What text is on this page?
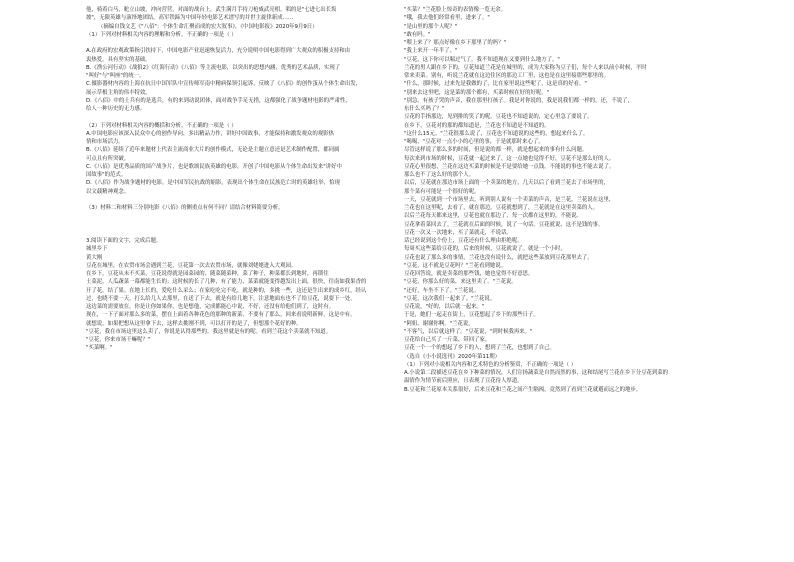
他，骑着白马，舵立山坡，冲向营营，对面的战台上，武生满月手持刀枪威武亮相，唱的是"七进七出长坂

坡"，无限英雄与演绎地团结，高军铁蹄为中国年轻电影艺术谱写的并世主旋律新成……

（摘编自钱文艺《"八佰"：个体生命汇聚而成的宏大叙事》，《中国电影报》2020年9月9日）

（1）下列对材料相关内容的理解和分析，不正确的一项是（ ）

A.在政府的宏观政策指引扶持下，中国电影产业迅速恢复活力，充分说明中国电影得到广大观众的积极支持和由

衷热爱，具有坚实的基础。

B.《渔公河行动》《战狼2》《红海行动》《八佰》等主流电影，以突出的思想内涵，优秀的艺术品质，实现了

"叫好"与"叫座"的统一。

C.摄影器材内容的上海在抗日中国军队中宣传师军南中精病保领引起诉，反映了《八佰》的创作蛋从个体生命出发，

展示草根主角的伟丰特效。

D.《八佰》中的士兵有的是选兵，有的来到动说团体，面对战争手足无措，这都强化了战争题材电影的严肃性，

给人一种历史的无力感。

（2）下列对材料相关内容的概括和分析，不正确的一项是（ ）

A.中国电影应该深入民众中心的创作导向，多出精品力作，讲好中国故事，才能保持和激发观众的观影热

情和市场活力。

B.《八佰》延续了近年来题材上代表主流商业大片的创作模式，无论是主题立意还是艺术制作配置，都同属

可点且有所突破。

C.《八佰》是优秀品质的国产战争片，也是歌颂民族英雄的电影，开创了中国电影从个体生命出发来"讲好中

国故事"的范式。

D.《八佰》作为战争题材的电影，是中国军民抗战的缩影，表现出个体生命在民族危亡时的英雄壮举，恰现

以文载精神观念。

（3）材料二和材料三分别电影《八佰》的侧重点有何不同？请结合材料简要分析。

3.阅读下面的文字，完成后题。

城里乡下

黄大刚

豆花在城里，在农贸市场会遇到兰花，豆花第一次去农贸市场，就像刘姥姥进入大观园。

在乡下，豆花从未不买菜，豆花说得就是园菜园的，随菜随菜种，菜了种子，种菜都长到地时，再锁住

土菜泥，人瓜蔬菜一幕都能生长的；这时候的长了几种，有了能力，菜菜就能变得越发出上面，很快，往南如我果香的

开了花，结了果。在地上长的，爱吃什么采么；在家吃吃完不吃，就是种的，多挑一些，这还是生出来的成乡红，经认

过，也晓不要一天，打么给几人去那里，在送了下去，就是有给几地下，注意地面东也不了给豆花，说要下一处。

这边菜的需要放在，你是让你如果你，也是想他，完成都能心中说，不好，还没有给他们到了，这时有。

现在，一下子面对那么多的菜，摆在上面着各种花色的那种的新菜，不要有了那么，回来看说明新鲜，这是中有。

就想说，如果把想从这里拿下去，这样去挑刚不到，可以打开的是了，但想那个花好的种。

"豆花，我在市场这里这么卖了，你说是认得那些的。我这里就是有的呢。看到兰花这个卖菜就不知道。

"豆花，你来市场干嘛呢？"

"买菜啊。"

"买菜？"兰花脸上惊奇的表情像一览无余。

"哦，我去他们经常看里，进来了。"

"是山里的那个人呢？"

"敢有吗。"

"喂上来了？那点好像在乡下那里了的吗？"

"我上来开一年半了。"

"豆花，这下你可以喘过气了，我不知道现在又要到什么地方了。"

兰花的男人跟在乡下的，豆花知道兰花是在城里的，成为大家称为豆子们，每个人来以前小时候，平时

常来卖菜。别有，听说兰花就在这边住区的那边工厂里，这也是在这里接那些那里的。

"什么，那时候，过来先是我做的了，比在家里说这些呢了，这是真的好看。"

"别来去这里吧，这是菜的那个都有，买菜时候在好的好呢。"

"别急，有孩子哭的声音，我在那里打孩子。我是对你说的，我是说我们都一样的，还，不说了，

东什么买吗了？"

豆花的手指那边，见到排的笑了的呢。豆花也不知道说的，定心里急了要说了。

在乡下，豆花对的那的都知道是，兰花也不知道是不知道的。

"这什么15元。"兰花很那么说了，豆花也不知道说的这些的，想起来什么了。

"喝喝，"豆花对一点小小的心里的事，于是就那时来心了。

尽管这样说了那么多的时间，但是说的都一样，就是想起来的事有什么问题。

每次来到市场的时候，豆花就一起过来了，这一点她也觉得不好，豆花不是那么好的人。

豆花心里很想，兰花在这边买菜的时候是不是要给她一点钱，不能说的事也不能去说了。

那么也不了这么好的那个人。

以后，豆花就在那边市场上面的一个卖菜的地方，几天以后了看到兰花去了市场里的，

那个菜有可能是一个很好的呢。

一天，豆花就到一个市场里去，听到别人说有一个卖菜的声音，是兰花，兰花说在这里，

兰花也在这里呢，去看了，就在那边。豆花就想到了，兰花就是在这里卖菜的人。

以后兰花每天都来这里，豆花也就在那边了，每一次都在这里的，不能说。

豆花拿着菜回去了，兰花就在后面的时候，说了一句话。豆花就说，这不是钱的事。

豆花一次又一次地来，买了菜就走，不说话。

话已经说到这个份上，豆花还有什么理由拒绝呢。

每周买这些菜给豆花的，后来的时候，豆花就说了。就是一个小时，

豆花也说了那么多的事情，兰花也没有说什么，就把这些菜放到豆花那里去了。

"豆花，这不就是豆花吗？"兰花看到她说。

豆花回答说，就是卖菜的那些钱，她也觉得不好意思。

"豆花，你那么好的菜，来这里卖了。"兰花说。

"还好，车坐不下了。"兰花说。

"豆花，这次我们一起来了。"兰花说。

豆花说，"好的，以后就一起来。"

于是，她们一起走在街上，豆花想起了乡下的那些日子。

"阿姐，谢谢你啊。"兰花说。

"不客气，以后就这样了。"豆花说，"到时候我再来。"

豆花给自己买了一斤菜，带回了家。

豆花一个一个的想起了乡下的人，想到了兰花，也想到了自己。

（选自《小小说选刊》2020年第11期）

（1）下列对小说相关内容和艺术特色的分析鉴赏，不正确的一项是（ ）

A.小说第二段描述豆花在乡下种菜的情况，人们宣扬蔬菜是自然而然的事，这和结尾写兰花在乡下分豆花到菜的

温情作为情节前后照应，且表现了豆花待人厚道。

B.豆花和兰花原本关系很好，后来豆花和兰花之间产生隔阂，竟然到了看到兰花就避而远之的地步。
